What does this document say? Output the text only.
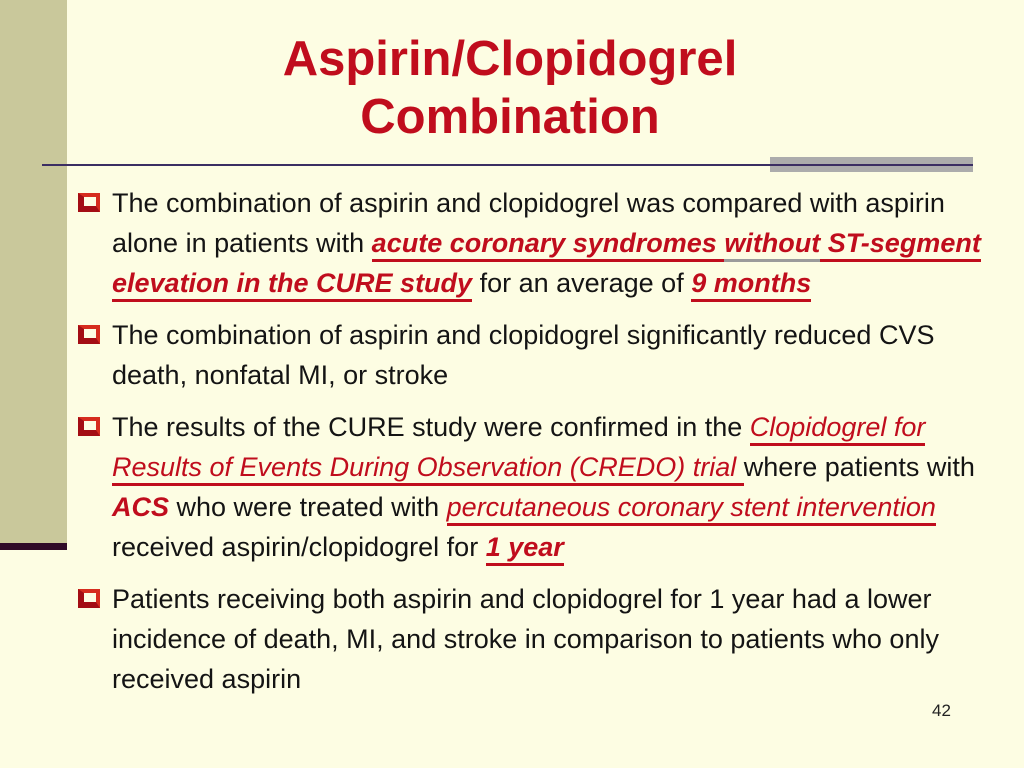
Aspirin/Clopidogrel
Combination
The combination of aspirin and clopidogrel was compared with aspirin alone in patients with acute coronary syndromes without ST-segment elevation in the CURE study for an average of 9 months
The combination of aspirin and clopidogrel significantly reduced CVS death, nonfatal MI, or stroke
The results of the CURE study were confirmed in the Clopidogrel for Results of Events During Observation (CREDO) trial where patients with ACS who were treated with percutaneous coronary stent intervention received aspirin/clopidogrel for 1 year
Patients receiving both aspirin and clopidogrel for 1 year had a lower incidence of death, MI, and stroke in comparison to patients who only received aspirin
42
